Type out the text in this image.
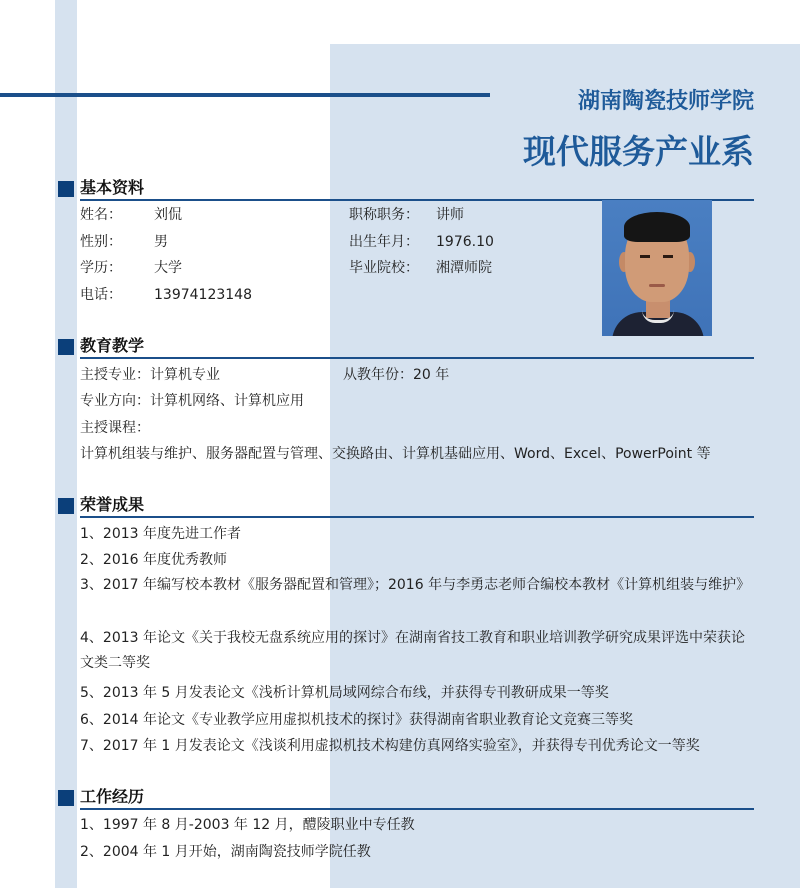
湖南陶瓷技师学院
现代服务产业系
基本资料
姓名： 刘侃
性别： 男
学历： 大学
电话： 13974123148
职称职务： 讲师
出生年月： 1976.10
毕业院校： 湘潭师院
教育教学
主授专业：计算机专业	从教年份：20 年
专业方向：计算机网络、计算机应用
主授课程：
计算机组装与维护、服务器配置与管理、交换路由、计算机基础应用、Word、Excel、PowerPoint 等
荣誉成果
1、2013 年度先进工作者
2、2016 年度优秀教师
3、2017 年编写校本教材《服务器配置和管理》；2016 年与李勇志老师合编校本教材《计算机组装与维护》
4、2013 年论文《关于我校无盘系统应用的探讨》在湖南省技工教育和职业培训教学研究成果评选中荣获论文类二等奖
5、2013 年 5 月发表论文《浅析计算机局域网综合布线，并获得专刊教研成果一等奖
6、2014 年论文《专业教学应用虚拟机技术的探讨》获得湖南省职业教育论文竞赛三等奖
7、2017 年 1 月发表论文《浅谈利用虚拟机技术构建仿真网络实验室》，并获得专刊优秀论文一等奖
工作经历
1、1997 年 8 月-2003 年 12 月，醴陵职业中专任教
2、2004 年 1 月开始，湖南陶瓷技师学院任教
